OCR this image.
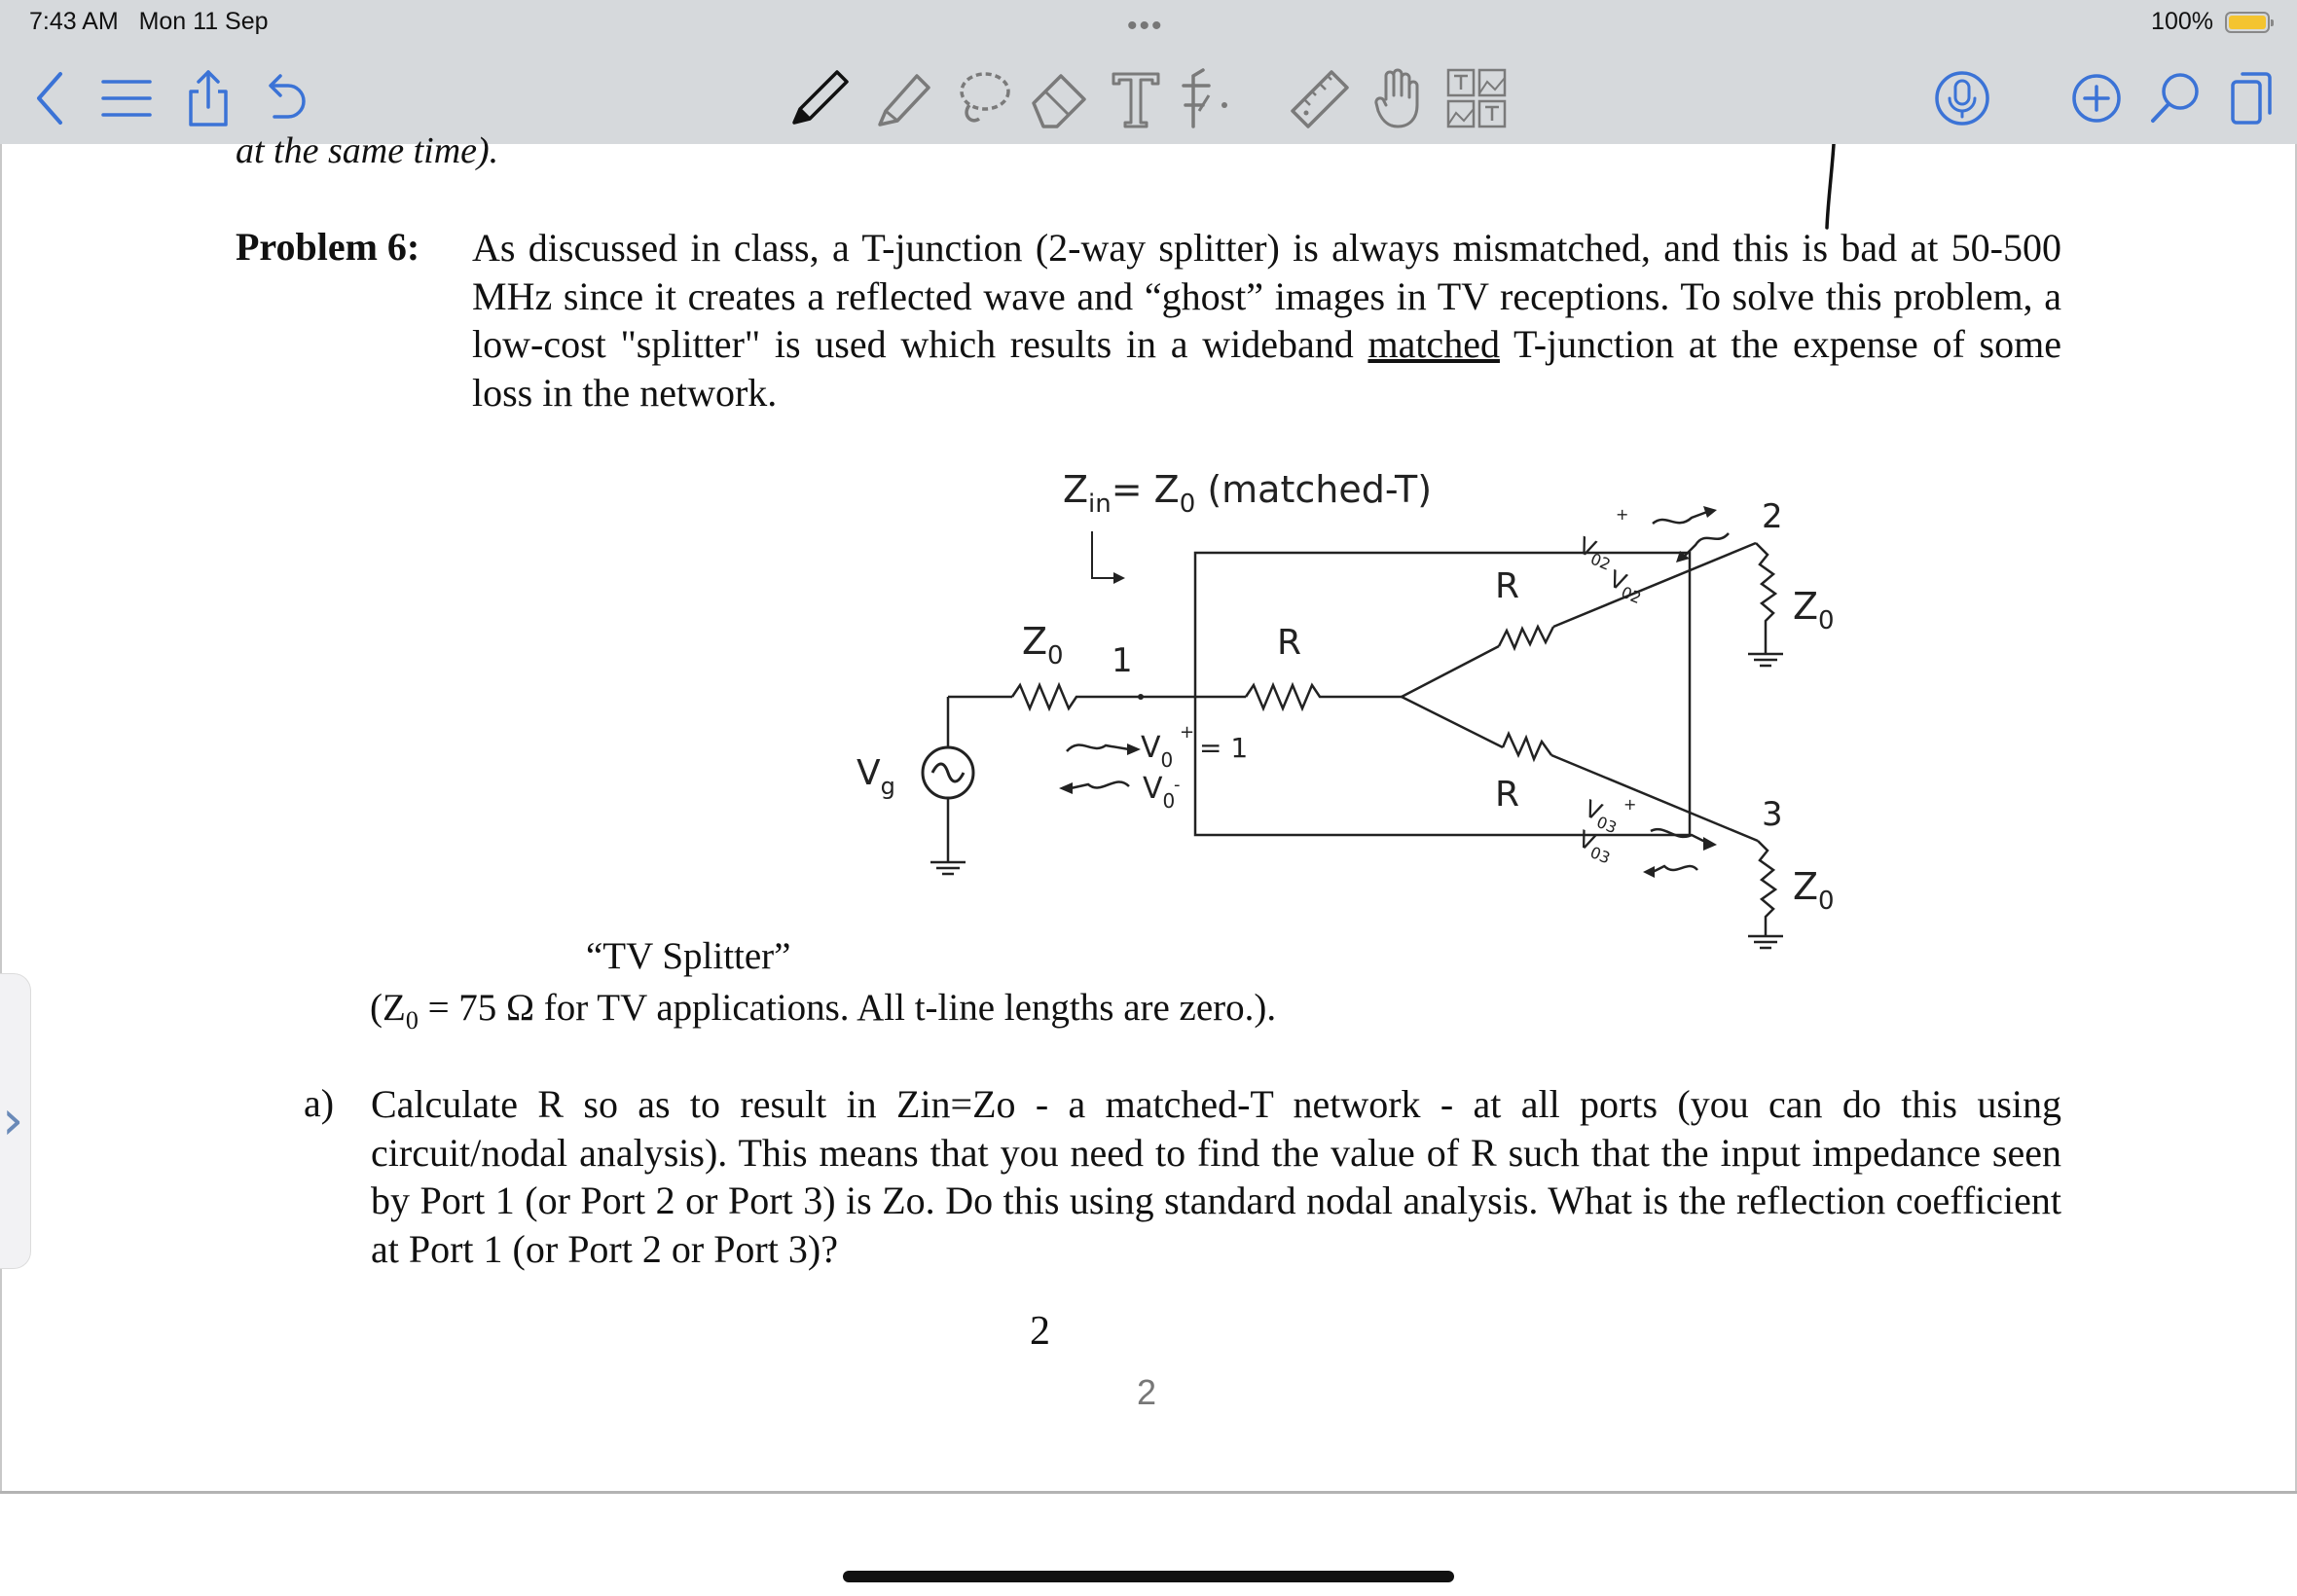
7:43 AM Mon 11 Sep	•••	100%
at the same time).
Problem 6: As discussed in class, a T-junction (2-way splitter) is always mismatched, and this is bad at 50-500 MHz since it creates a reflected wave and “ghost” images in TV receptions. To solve this problem, a low-cost "splitter" is used which results in a wideband matched T-junction at the expense of some loss in the network.
$Z_{in}= Z_0$ (matched-T)
$V_g$
$Z_0$ 1	R
R
R
2
$Z_0$
3
$Z_0$
$V_0$
$V_0$
+
-
= 1
$V_{02}$
$V_{02}$
+
$V_{03}$
$V_{03}$
+
“TV Splitter”
($Z_0 = 75$ Ω for TV applications. All t-line lengths are zero.).
a) Calculate R so as to result in Zin=Zo - a matched-T network - at all ports (you can do this using circuit/nodal analysis). This means that you need to find the value of R such that the input impedance seen by Port 1 (or Port 2 or Port 3) is Zo. Do this using standard nodal analysis. What is the reflection coefficient at Port 1 (or Port 2 or Port 3)?
2
2
›
